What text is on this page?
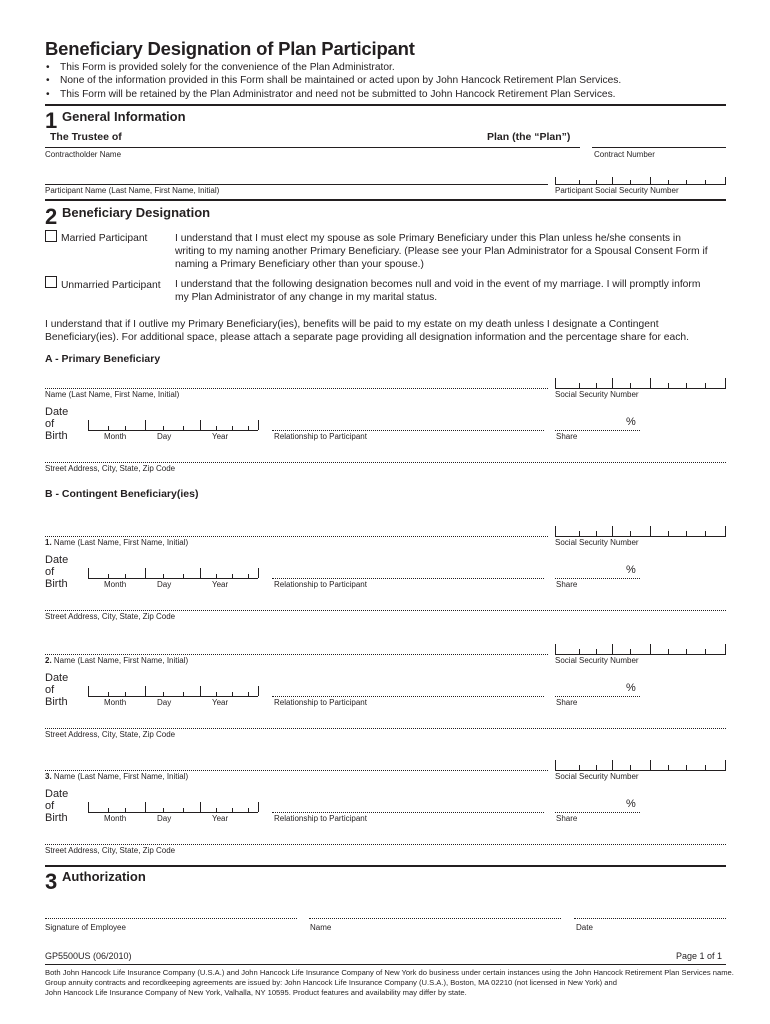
Beneficiary Designation of Plan Participant
• This Form is provided solely for the convenience of the Plan Administrator.
• None of the information provided in this Form shall be maintained or acted upon by John Hancock Retirement Plan Services.
• This Form will be retained by the Plan Administrator and need not be submitted to John Hancock Retirement Plan Services.
1 General Information
The Trustee of	Plan (the “Plan”)
Contractholder Name	Contract Number
Participant Name (Last Name, First Name, Initial)	Participant Social Security Number
2 Beneficiary Designation
Married Participant	I understand that I must elect my spouse as sole Primary Beneficiary under this Plan unless he/she consents in writing to my naming another Primary Beneficiary. (Please see your Plan Administrator for a Spousal Consent Form if naming a Primary Beneficiary other than your spouse.)
Unmarried Participant I understand that the following designation becomes null and void in the event of my marriage. I will promptly inform my Plan Administrator of any change in my marital status.
I understand that if I outlive my Primary Beneficiary(ies), benefits will be paid to my estate on my death unless I designate a Contingent Beneficiary(ies). For additional space, please attach a separate page providing all designation information and the percentage share for each.
A - Primary Beneficiary
Name (Last Name, First Name, Initial)	Social Security Number
Date
of Birth	Month	Day	Year	Relationship to Participant
%
Share
Street Address, City, State, Zip Code
B - Contingent Beneficiary(ies)
1. Name (Last Name, First Name, Initial)	Social Security Number
Date
of Birth	Month	Day	Year	Relationship to Participant
%
Share
Street Address, City, State, Zip Code
2. Name (Last Name, First Name, Initial)	Social Security Number
Date
of Birth	Month	Day	Year	Relationship to Participant
%
Share
Street Address, City, State, Zip Code
3. Name (Last Name, First Name, Initial)	Social Security Number
Date
of Birth	Month	Day	Year	Relationship to Participant
%
Share
Street Address, City, State, Zip Code
3 Authorization
Signature of Employee	Name	Date
GP5500US (06/2010)	Page 1 of 1
Both John Hancock Life Insurance Company (U.S.A.) and John Hancock Life Insurance Company of New York do business under certain instances using the John Hancock Retirement Plan Services name.
Group annuity contracts and recordkeeping agreements are issued by: John Hancock Life Insurance Company (U.S.A.), Boston, MA 02210 (not licensed in New York) and
John Hancock Life Insurance Company of New York, Valhalla, NY 10595. Product features and availability may differ by state.
